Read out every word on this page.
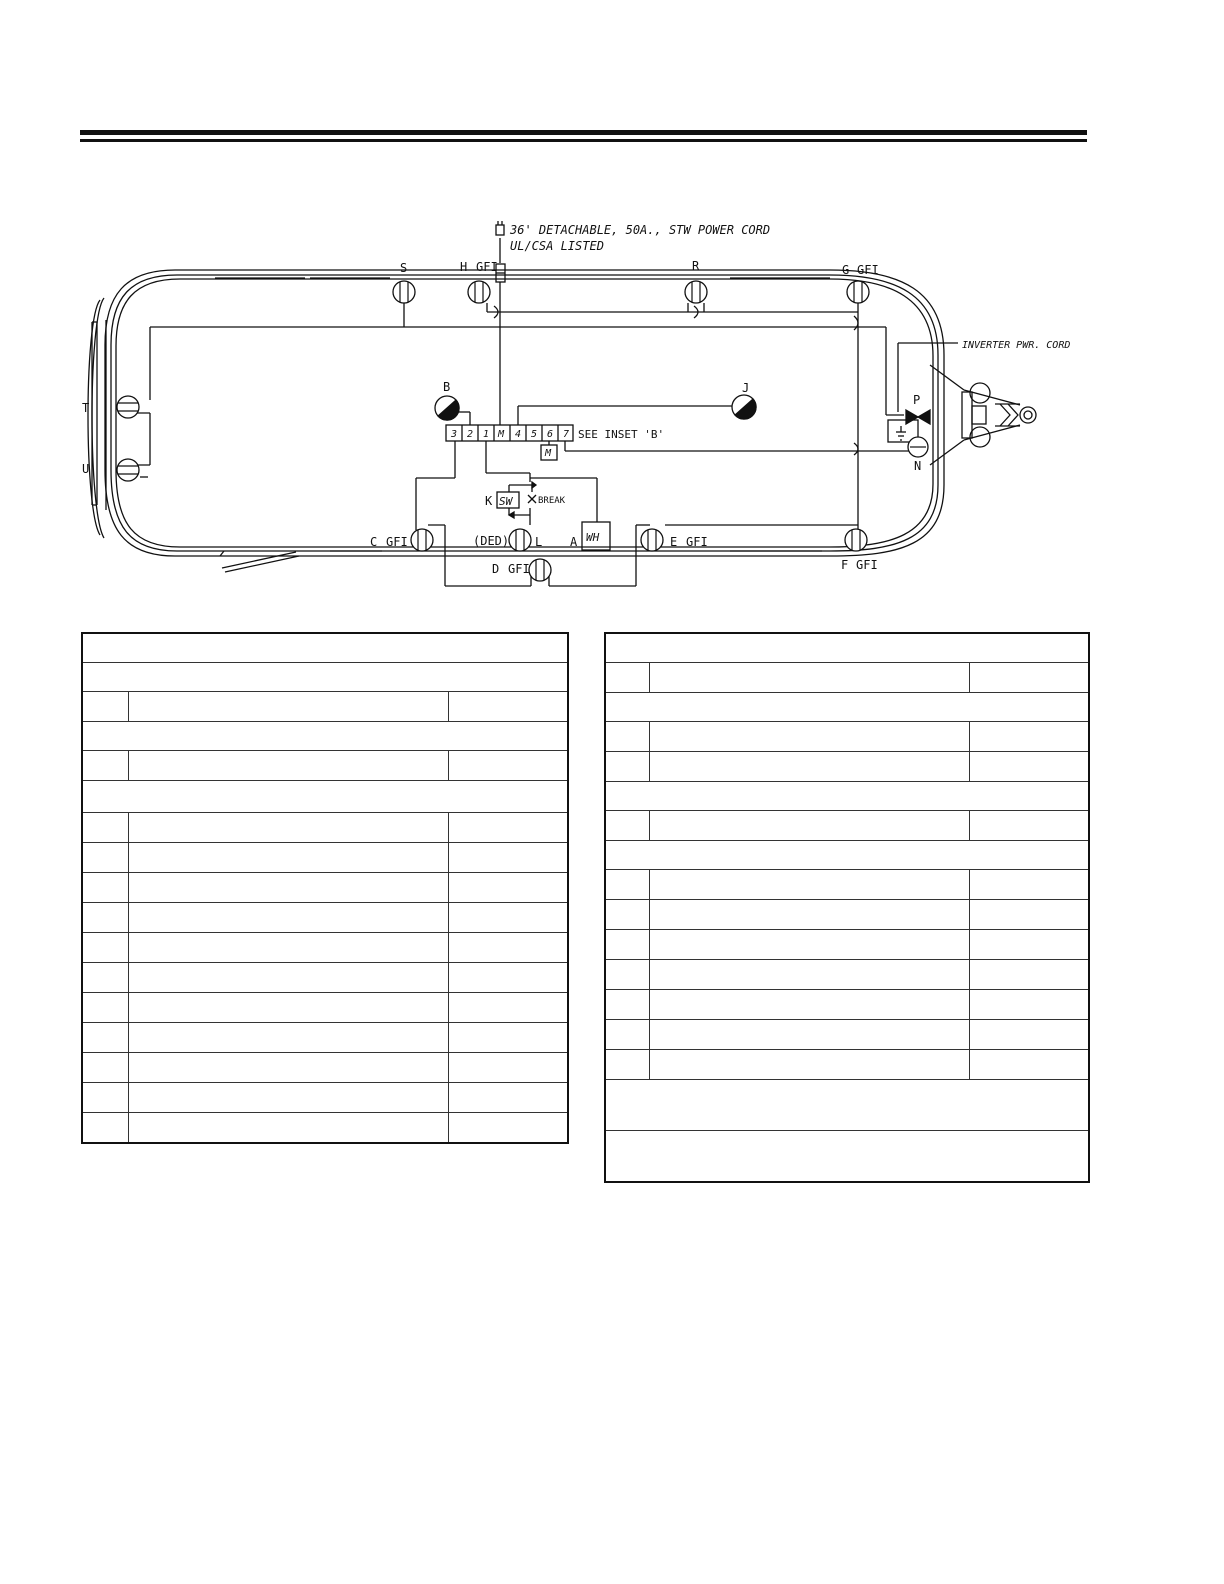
36' DETACHABLE, 50A., STW POWER CORD
UL/CSA LISTED
INVERTER PWR. CORD
SEE INSET 'B'
BREAK
(DED)
SW
WH
M
3 2 1 M 4 5 6 7
S	H GFI	R	G GFI
T
U
B	J
P
N
K
C GFI	L A	E GFI
D GFI	F GFI
